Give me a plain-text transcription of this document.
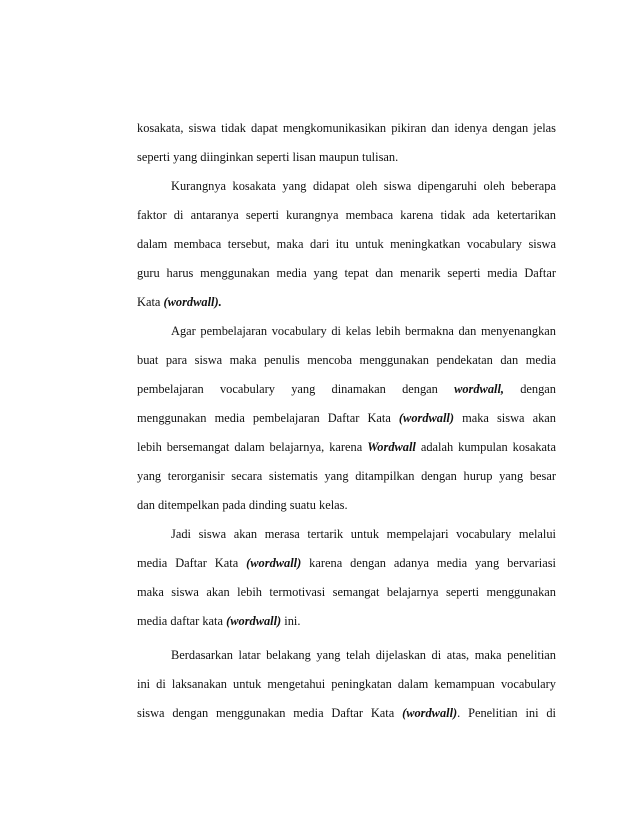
kosakata, siswa tidak dapat mengkomunikasikan pikiran dan idenya dengan jelas
seperti yang diinginkan seperti lisan maupun tulisan.
Kurangnya kosakata yang didapat oleh siswa dipengaruhi oleh beberapa
faktor di antaranya seperti kurangnya membaca karena tidak ada ketertarikan
dalam membaca tersebut, maka dari itu untuk meningkatkan vocabulary siswa
guru harus menggunakan media yang tepat dan menarik seperti media Daftar
Kata (wordwall).
Agar pembelajaran vocabulary di kelas lebih bermakna dan menyenangkan
buat para siswa maka penulis mencoba menggunakan pendekatan dan media
pembelajaran vocabulary yang dinamakan dengan wordwall, dengan
menggunakan media pembelajaran Daftar Kata (wordwall) maka siswa akan
lebih bersemangat dalam belajarnya, karena Wordwall adalah kumpulan kosakata
yang terorganisir secara sistematis yang ditampilkan dengan hurup yang besar
dan ditempelkan pada dinding suatu kelas.
Jadi siswa akan merasa tertarik untuk mempelajari vocabulary melalui
media Daftar Kata (wordwall) karena dengan adanya media yang bervariasi
maka siswa akan lebih termotivasi semangat belajarnya seperti menggunakan
media daftar kata (wordwall) ini.
Berdasarkan latar belakang yang telah dijelaskan di atas, maka penelitian
ini di laksanakan untuk mengetahui peningkatan dalam kemampuan vocabulary
siswa dengan menggunakan media Daftar Kata (wordwall). Penelitian ini di
